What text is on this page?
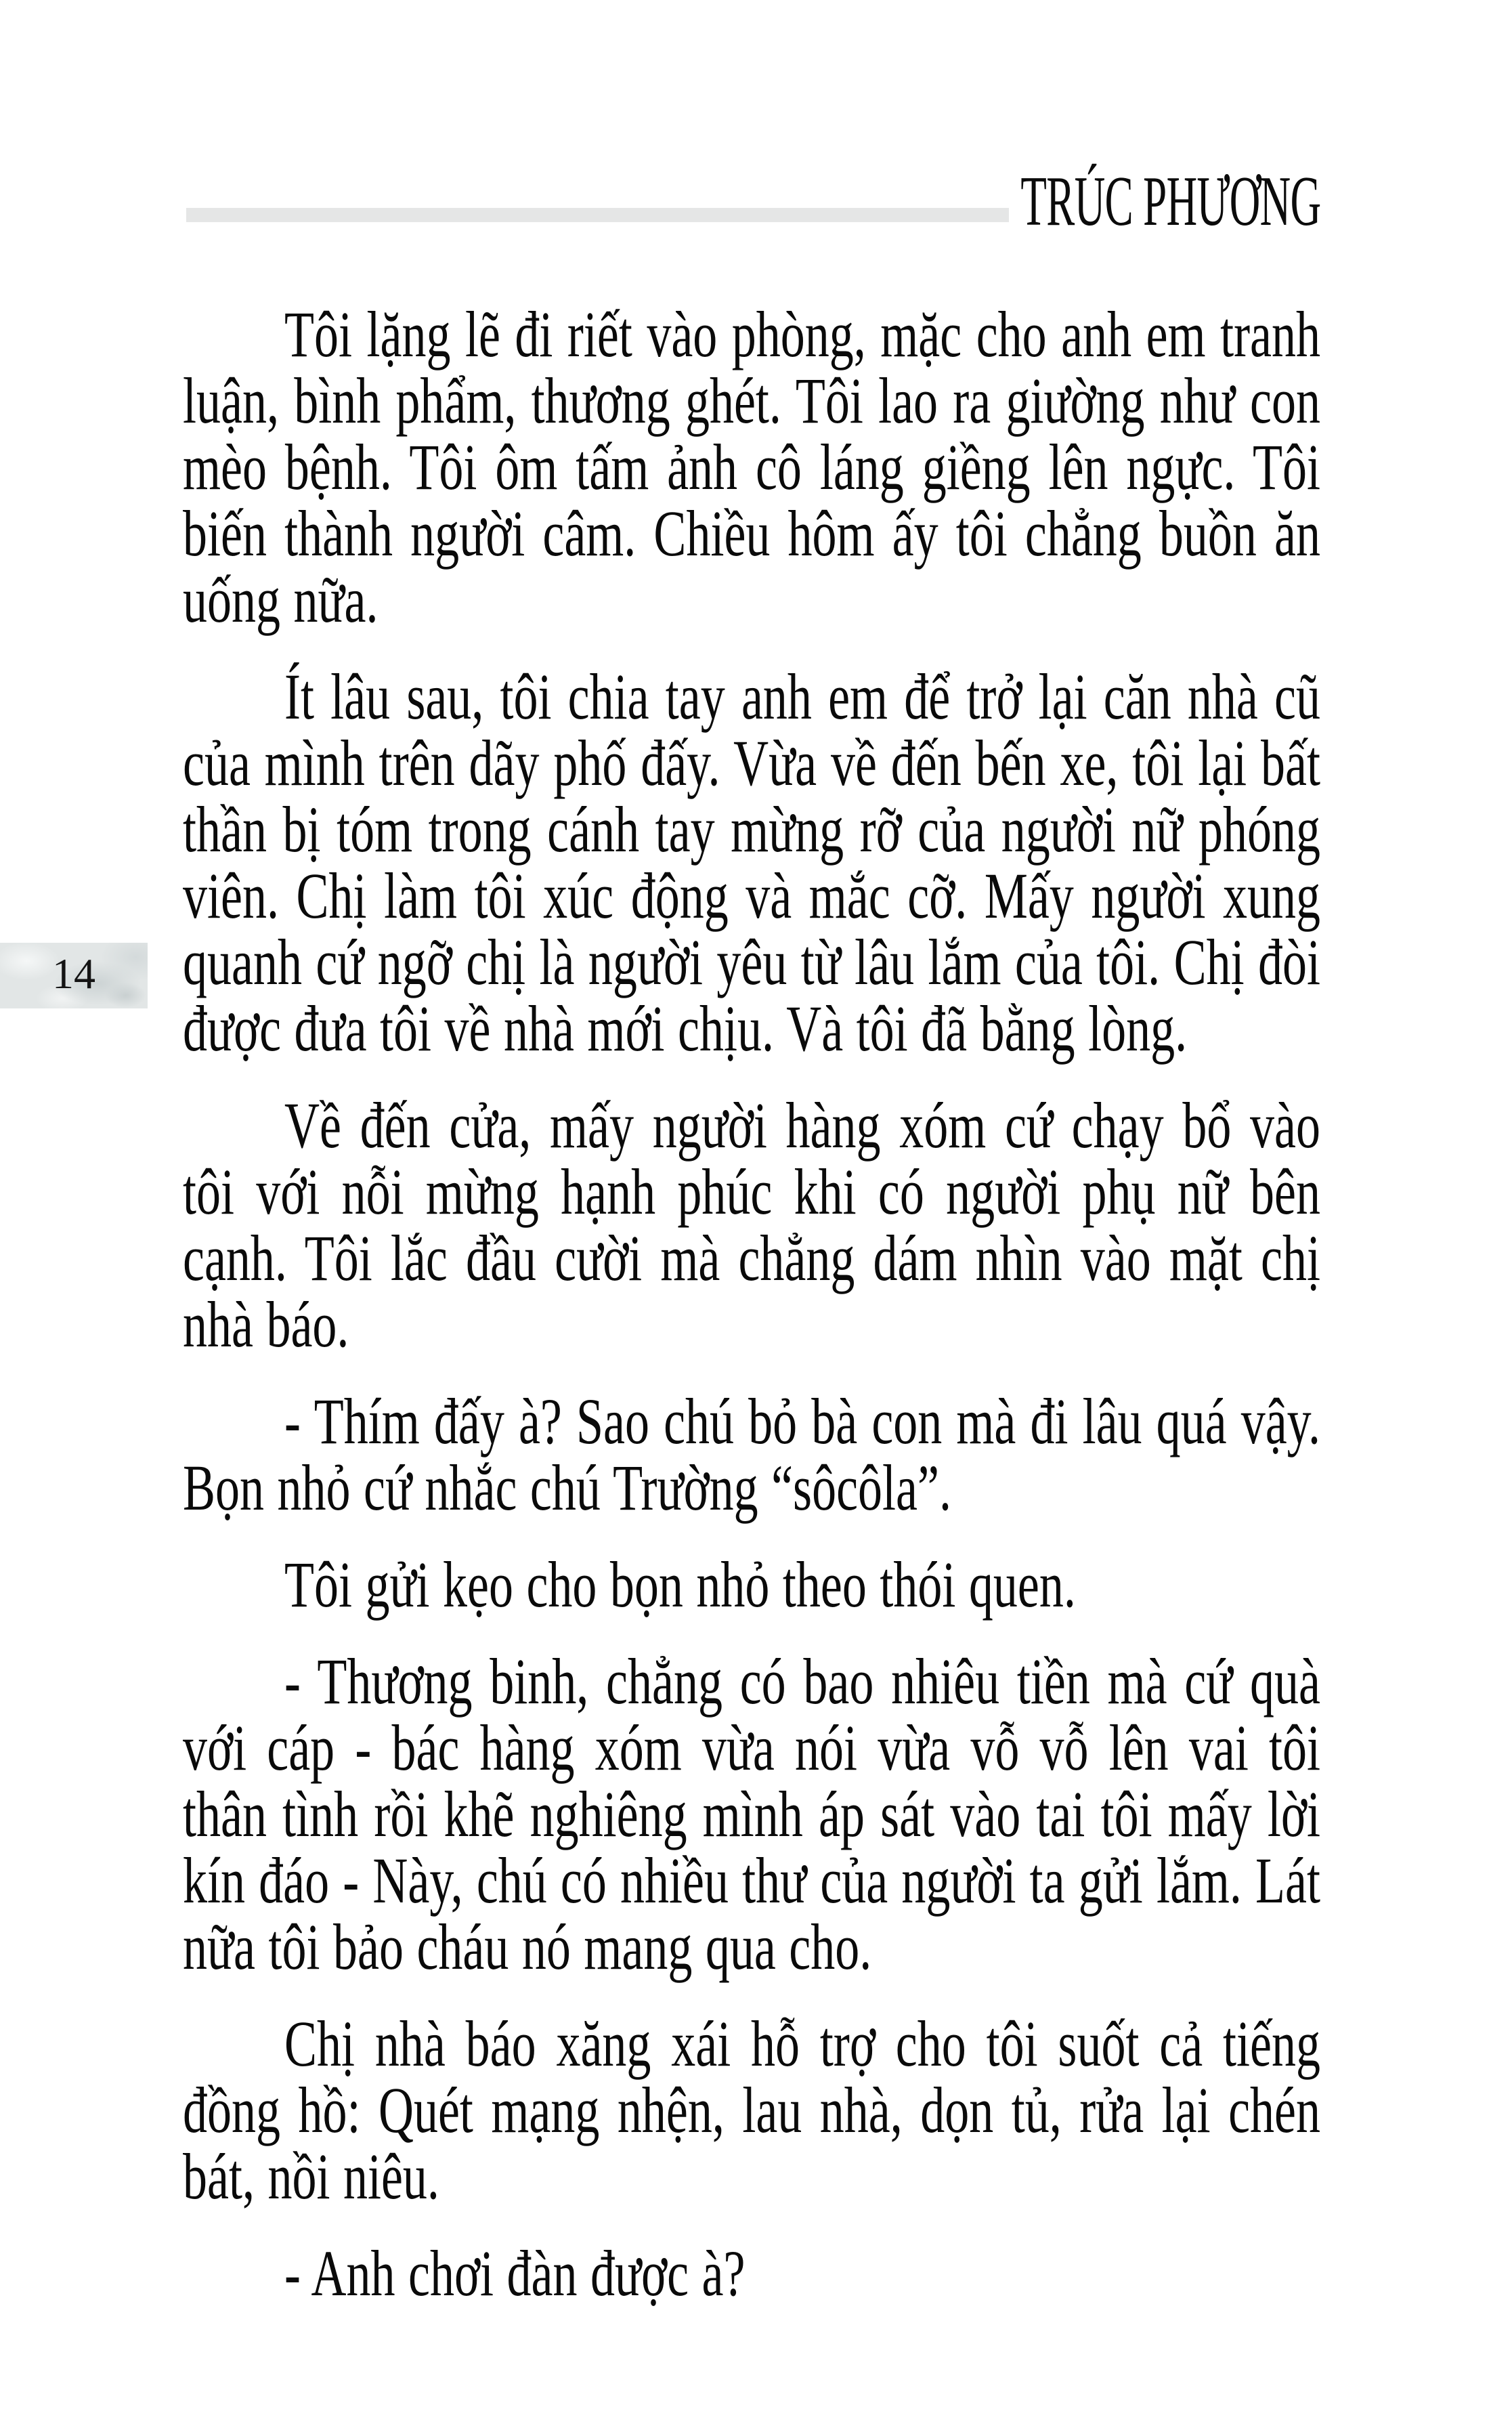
TRÚC PHƯƠNG
14

Tôi lặng lẽ đi riết vào phòng, mặc cho anh em tranh luận, bình phẩm, thương ghét. Tôi lao ra giường như con mèo bệnh. Tôi ôm tấm ảnh cô láng giềng lên ngực. Tôi biến thành người câm. Chiều hôm ấy tôi chẳng buồn ăn uống nữa.

Ít lâu sau, tôi chia tay anh em để trở lại căn nhà cũ của mình trên dãy phố đấy. Vừa về đến bến xe, tôi lại bất thần bị tóm trong cánh tay mừng rỡ của người nữ phóng viên. Chị làm tôi xúc động và mắc cỡ. Mấy người xung quanh cứ ngỡ chị là người yêu từ lâu lắm của tôi. Chị đòi được đưa tôi về nhà mới chịu. Và tôi đã bằng lòng.

Về đến cửa, mấy người hàng xóm cứ chạy bổ vào tôi với nỗi mừng hạnh phúc khi có người phụ nữ bên cạnh. Tôi lắc đầu cười mà chẳng dám nhìn vào mặt chị nhà báo.

- Thím đấy à? Sao chú bỏ bà con mà đi lâu quá vậy. Bọn nhỏ cứ nhắc chú Trường “sôcôla”.

Tôi gửi kẹo cho bọn nhỏ theo thói quen.

- Thương binh, chẳng có bao nhiêu tiền mà cứ quà với cáp - bác hàng xóm vừa nói vừa vỗ vỗ lên vai tôi thân tình rồi khẽ nghiêng mình áp sát vào tai tôi mấy lời kín đáo - Này, chú có nhiều thư của người ta gửi lắm. Lát nữa tôi bảo cháu nó mang qua cho.

Chị nhà báo xăng xái hỗ trợ cho tôi suốt cả tiếng đồng hồ: Quét mạng nhện, lau nhà, dọn tủ, rửa lại chén bát, nồi niêu.

- Anh chơi đàn được à?
